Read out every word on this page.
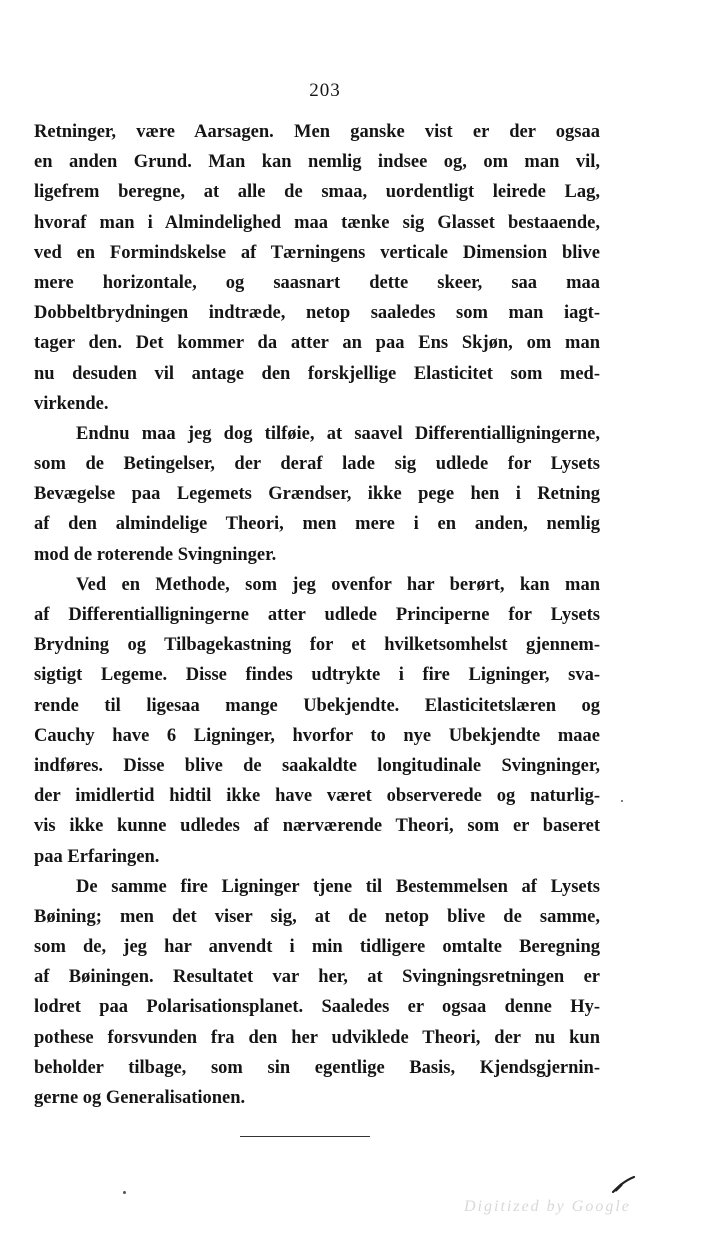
203
Retninger, være Aarsagen. Men ganske vist er der ogsaa
en anden Grund. Man kan nemlig indsee og, om man vil,
ligefrem beregne, at alle de smaa, uordentligt leirede Lag,
hvoraf man i Almindelighed maa tænke sig Glasset bestaaende,
ved en Formindskelse af Tærningens verticale Dimension blive
mere horizontale, og saasnart dette skeer, saa maa
Dobbeltbrydningen indtræde, netop saaledes som man iagt-
tager den. Det kommer da atter an paa Ens Skjøn, om man
nu desuden vil antage den forskjellige Elasticitet som med-
virkende.
Endnu maa jeg dog tilføie, at saavel Differentialligningerne,
som de Betingelser, der deraf lade sig udlede for Lysets
Bevægelse paa Legemets Grændser, ikke pege hen i Retning
af den almindelige Theori, men mere i en anden, nemlig
mod de roterende Svingninger.
Ved en Methode, som jeg ovenfor har berørt, kan man
af Differentialligningerne atter udlede Principerne for Lysets
Brydning og Tilbagekastning for et hvilketsomhelst gjennem-
sigtigt Legeme. Disse findes udtrykte i fire Ligninger, sva-
rende til ligesaa mange Ubekjendte. Elasticitetslæren og
Cauchy have 6 Ligninger, hvorfor to nye Ubekjendte maae
indføres. Disse blive de saakaldte longitudinale Svingninger,
der imidlertid hidtil ikke have været observerede og naturlig-
vis ikke kunne udledes af nærværende Theori, som er baseret
paa Erfaringen.
De samme fire Ligninger tjene til Bestemmelsen af Lysets
Bøining; men det viser sig, at de netop blive de samme,
som de, jeg har anvendt i min tidligere omtalte Beregning
af Bøiningen. Resultatet var her, at Svingningsretningen er
lodret paa Polarisationsplanet. Saaledes er ogsaa denne Hy-
pothese forsvunden fra den her udviklede Theori, der nu kun
beholder tilbage, som sin egentlige Basis, Kjendsgjernin-
gerne og Generalisationen.
Digitized by Google
